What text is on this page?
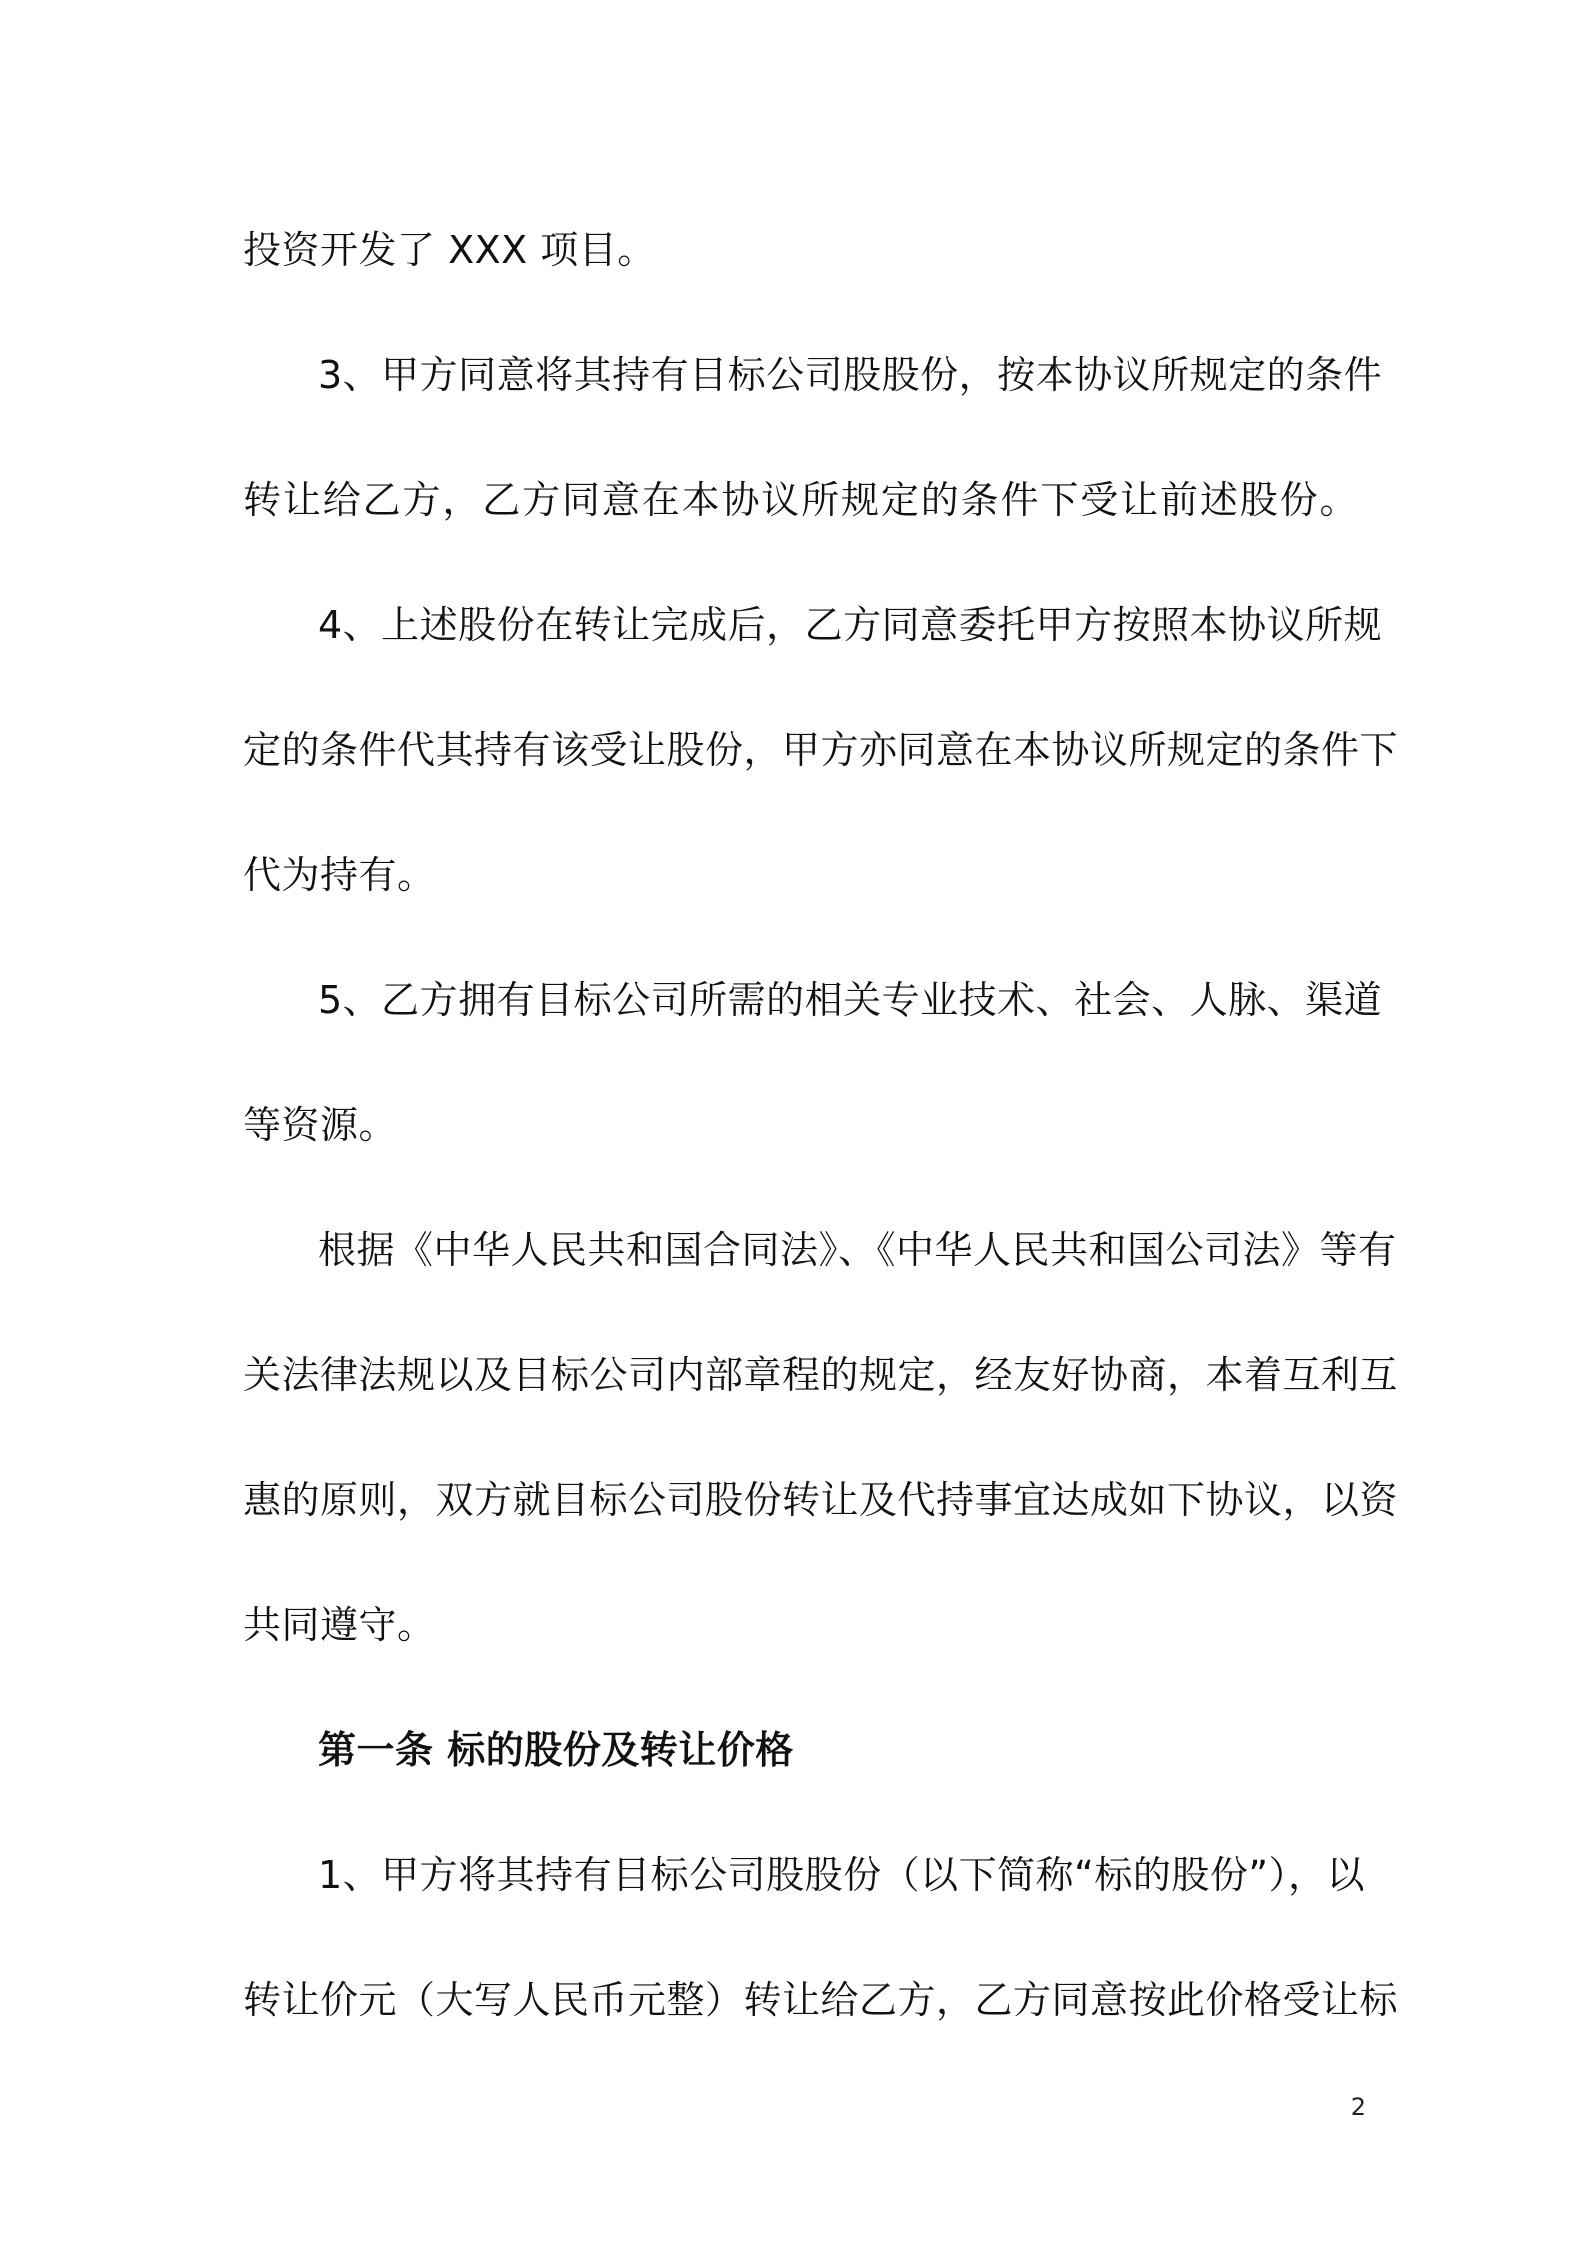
投资开发了 XXX 项目。
3、甲方同意将其持有目标公司股股份，按本协议所规定的条件
转让给乙方，乙方同意在本协议所规定的条件下受让前述股份。
4、上述股份在转让完成后，乙方同意委托甲方按照本协议所规
定的条件代其持有该受让股份，甲方亦同意在本协议所规定的条件下
代为持有。
5、乙方拥有目标公司所需的相关专业技术、社会、人脉、渠道
等资源。
根据《中华人民共和国合同法》、《中华人民共和国公司法》等有
关法律法规以及目标公司内部章程的规定，经友好协商，本着互利互
惠的原则，双方就目标公司股份转让及代持事宜达成如下协议，以资
共同遵守。
第一条 标的股份及转让价格
1、甲方将其持有目标公司股股份（以下简称“标的股份”），以
转让价元（大写人民币元整）转让给乙方，乙方同意按此价格受让标
2
